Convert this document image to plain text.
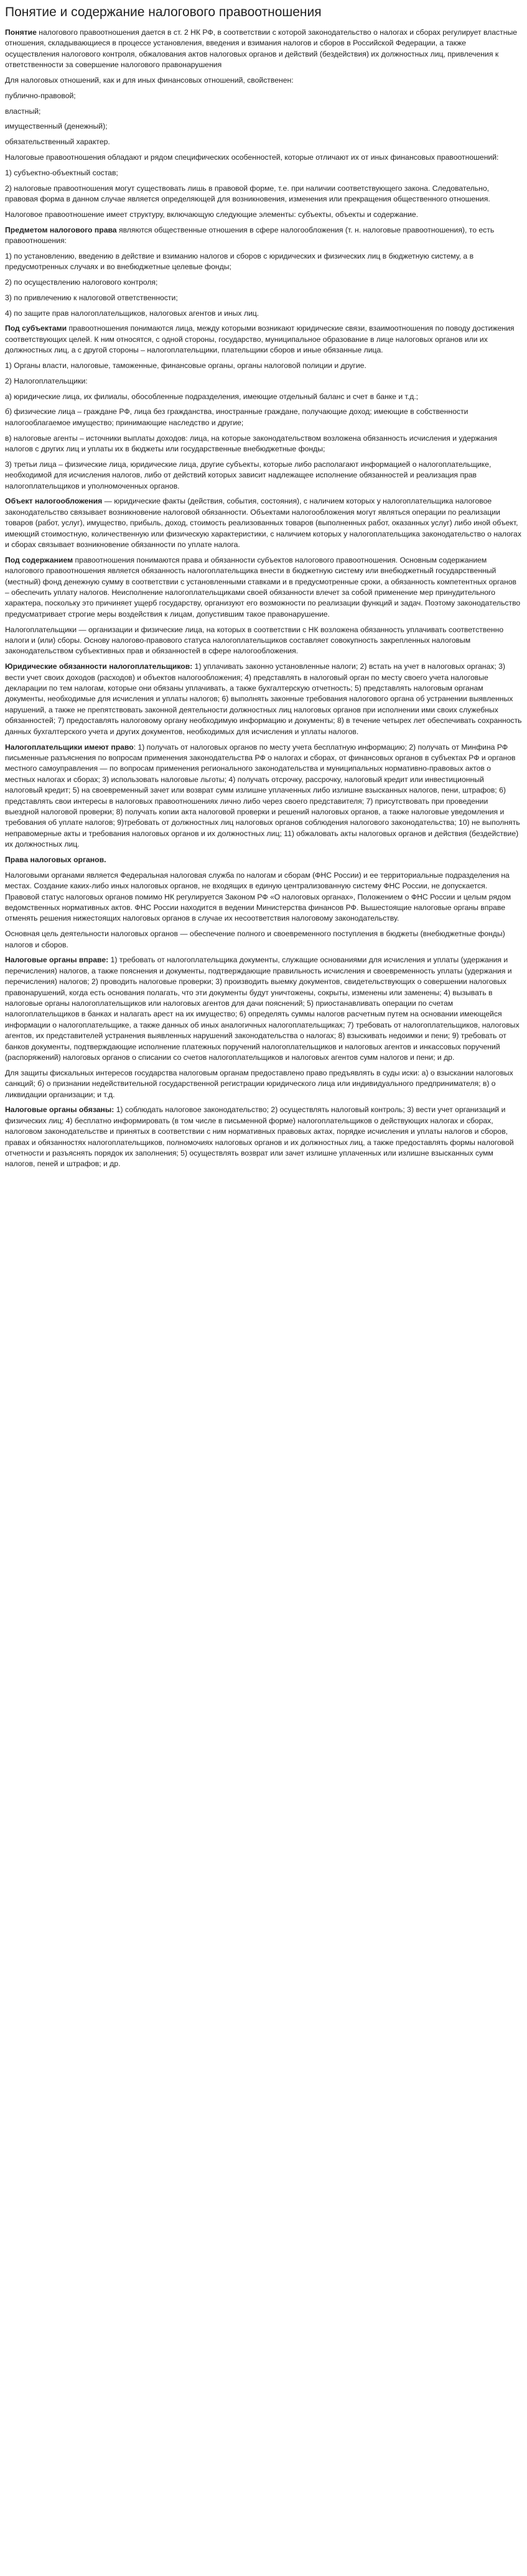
Понятие и содержание налогового правоотношения

Понятие налогового правоотношения дается в ст. 2 НК РФ, в соответствии с которой законодательство о налогах и сборах регулирует властные отношения, складывающиеся в процессе установления, введения и взимания налогов и сборов в Российской Федерации, а также осуществления налогового контроля, обжалования актов налоговых органов и действий (бездействия) их должностных лиц, привлечения к ответственности за совершение налогового правонарушения

Для налоговых отношений, как и для иных финансовых отношений, свойственен:

публично-правовой;

властный;

имущественный (денежный);

обязательственный характер.

Налоговые правоотношения обладают и рядом специфических особенностей, которые отличают их от иных финансовых правоотношений:

1) субъектно-объектный состав;

2) налоговые правоотношения могут существовать лишь в правовой форме, т.е. при наличии соответствующего закона. Следовательно, правовая форма в данном случае является определяющей для возникновения, изменения или прекращения общественного отношения.

Налоговое правоотношение имеет структуру, включающую следующие элементы: субъекты, объекты и содержание.

Предметом налогового права являются общественные отношения в сфере налогообложения (т. н. налоговые правоотношения), то есть правоотношения:

1) по установлению, введению в действие и взиманию налогов и сборов с юридических и физических лиц в бюджетную систему, а в предусмотренных случаях и во внебюджетные целевые фонды;

2) по осуществлению налогового контроля;

3) по привлечению к налоговой ответственности;

4) по защите прав налогоплательщиков, налоговых агентов и иных лиц.

Под субъектами правоотношения понимаются лица, между которыми возникают юридические связи, взаимоотношения по поводу достижения соответствующих целей. К ним относятся, с одной стороны, государство, муниципальное образование в лице налоговых органов или их должностных лиц, а с другой стороны – налогоплательщики, плательщики сборов и иные обязанные лица.

1) Органы власти, налоговые, таможенные, финансовые органы, органы налоговой полиции и другие.

2) Налогоплательщики:

а) юридические лица, их филиалы, обособленные подразделения, имеющие отдельный баланс и счет в банке и т.д.;

б) физические лица – граждане РФ, лица без гражданства, иностранные граждане, получающие доход; имеющие в собственности налогооблагаемое имущество; принимающие наследство и другие;

в) налоговые агенты – источники выплаты доходов: лица, на которые законодательством возложена обязанность исчисления и удержания налогов с других лиц и уплаты их в бюджеты или государственные внебюджетные фонды;

3) третьи лица – физические лица, юридические лица, другие субъекты, которые либо располагают информацией о налогоплательщике, необходимой для исчисления налогов, либо от действий которых зависит надлежащее исполнение обязанностей и реализация прав налогоплательщиков и уполномоченных органов.

Объект налогообложения — юридические факты (действия, события, состояния), с наличием которых у налогоплательщика налоговое законодательство связывает возникновение налоговой обязанности. Объектами налогообложения могут являться операции по реализации товаров (работ, услуг), имущество, прибыль, доход, стоимость реализованных товаров (выполненных работ, оказанных услуг) либо иной объект, имеющий стоимостную, количественную или физическую характеристики, с наличием которых у налогоплательщика законодательство о налогах и сборах связывает возникновение обязанности по уплате налога.

Под содержанием правоотношения понимаются права и обязанности субъектов налогового правоотношения. Основным содержанием налогового правоотношения является обязанность налогоплательщика внести в бюджетную систему или внебюджетный государственный (местный) фонд денежную сумму в соответствии с установленными ставками и в предусмотренные сроки, а обязанность компетентных органов – обеспечить уплату налогов. Неисполнение налогоплательщиками своей обязанности влечет за собой применение мер принудительного характера, поскольку это причиняет ущерб государству, организуют его возможности по реализации функций и задач. Поэтому законодательство предусматривает строгие меры воздействия к лицам, допустившим такое правонарушение.

Налогоплательщики — организации и физические лица, на которых в соответствии с НК возложена обязанность уплачивать соответственно налоги и (или) сборы. Основу налогово-правового статуса налогоплательщиков составляет совокупность закрепленных налоговым законодательством субъективных прав и обязанностей в сфере налогообложения.

Юридические обязанности налогоплательщиков: 1) уплачивать законно установленные налоги; 2) встать на учет в налоговых органах; 3) вести учет своих доходов (расходов) и объектов налогообложения; 4) представлять в налоговый орган по месту своего учета налоговые декларации по тем налогам, которые они обязаны уплачивать, а также бухгалтерскую отчетность; 5) представлять налоговым органам документы, необходимые для исчисления и уплаты налогов; 6) выполнять законные требования налогового органа об устранении выявленных нарушений, а также не препятствовать законной деятельности должностных лиц налоговых органов при исполнении ими своих служебных обязанностей; 7) предоставлять налоговому органу необходимую информацию и документы; 8) в течение четырех лет обеспечивать сохранность данных бухгалтерского учета и других документов, необходимых для исчисления и уплаты налогов.

Налогоплательщики имеют право: 1) получать от налоговых органов по месту учета бесплатную информацию; 2) получать от Минфина РФ письменные разъяснения по вопросам применения законодательства РФ о налогах и сборах, от финансовых органов в субъектах РФ и органов местного самоуправления — по вопросам применения регионального законодательства и муниципальных нормативно-правовых актов о местных налогах и сборах; 3) использовать налоговые льготы; 4) получать отсрочку, рассрочку, налоговый кредит или инвестиционный налоговый кредит; 5) на своевременный зачет или возврат сумм излишне уплаченных либо излишне взысканных налогов, пени, штрафов; 6) представлять свои интересы в налоговых правоотношениях лично либо через своего представителя; 7) присутствовать при проведении выездной налоговой проверки; 8) получать копии акта налоговой проверки и решений налоговых органов, а также налоговые уведомления и требования об уплате налогов; 9)требовать от должностных лиц налоговых органов соблюдения налогового законодательства; 10) не выполнять неправомерные акты и требования налоговых органов и их должностных лиц; 11) обжаловать акты налоговых органов и действия (бездействие) их должностных лиц.

Права налоговых органов.

Налоговыми органами является Федеральная налоговая служба по налогам и сборам (ФНС России) и ее территориальные подразделения на местах. Создание каких-либо иных налоговых органов, не входящих в единую централизованную систему ФНС России, не допускается. Правовой статус налоговых органов помимо НК регулируется Законом РФ «О налоговых органах», Положением о ФНС России и целым рядом ведомственных нормативных актов. ФНС России находится в ведении Министерства финансов РФ. Вышестоящие налоговые органы вправе отменять решения нижестоящих налоговых органов в случае их несоответствия налоговому законодательству.

Основная цель деятельности налоговых органов — обеспечение полного и своевременного поступления в бюджеты (внебюджетные фонды) налогов и сборов.

Налоговые органы вправе: 1) требовать от налогоплательщика документы, служащие основаниями для исчисления и уплаты (удержания и перечисления) налогов, а также пояснения и документы, подтверждающие правильность исчисления и своевременность уплаты (удержания и перечисления) налогов; 2) проводить налоговые проверки; 3) производить выемку документов, свидетельствующих о совершении налоговых правонарушений, когда есть основания полагать, что эти документы будут уничтожены, сокрыты, изменены или заменены; 4) вызывать в налоговые органы налогоплательщиков или налоговых агентов для дачи пояснений; 5) приостанавливать операции по счетам налогоплательщиков в банках и налагать арест на их имущество; 6) определять суммы налогов расчетным путем на основании имеющейся информации о налогоплательщике, а также данных об иных аналогичных налогоплательщиках; 7) требовать от налогоплательщиков, налоговых агентов, их представителей устранения выявленных нарушений законодательства о налогах; 8) взыскивать недоимки и пени; 9) требовать от банков документы, подтверждающие исполнение платежных поручений налогоплательщиков и налоговых агентов и инкассовых поручений (распоряжений) налоговых органов о списании со счетов налогоплательщиков и налоговых агентов сумм налогов и пени; и др.

Для защиты фискальных интересов государства налоговым органам предоставлено право предъявлять в суды иски: а) о взыскании налоговых санкций; б) о признании недействительной государственной регистрации юридического лица или индивидуального предпринимателя; в) о ликвидации организации; и т.д.

Налоговые органы обязаны: 1) соблюдать налоговое законодательство; 2) осуществлять налоговый контроль; 3) вести учет организаций и физических лиц; 4) бесплатно информировать (в том числе в письменной форме) налогоплательщиков о действующих налогах и сборах, налоговом законодательстве и принятых в соответствии с ним нормативных правовых актах, порядке исчисления и уплаты налогов и сборов, правах и обязанностях налогоплательщиков, полномочиях налоговых органов и их должностных лиц, а также предоставлять формы налоговой отчетности и разъяснять порядок их заполнения; 5) осуществлять возврат или зачет излишне уплаченных или излишне взысканных сумм налогов, пеней и штрафов; и др.
